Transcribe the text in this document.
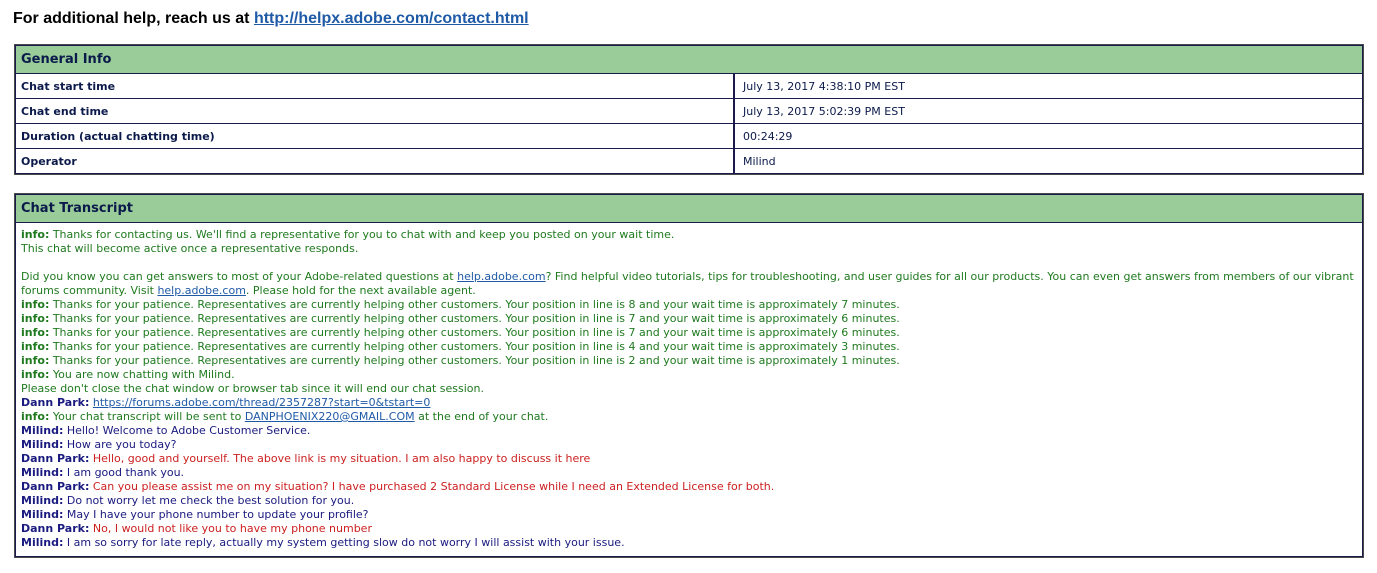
For additional help, reach us at http://helpx.adobe.com/contact.html
General Info
Chat start time	July 13, 2017 4:38:10 PM EST
Chat end time	July 13, 2017 5:02:39 PM EST
Duration (actual chatting time)	00:24:29
Operator	Milind
Chat Transcript
info: Thanks for contacting us. We'll find a representative for you to chat with and keep you posted on your wait time.
This chat will become active once a representative responds.

Did you know you can get answers to most of your Adobe-related questions at help.adobe.com? Find helpful video tutorials, tips for troubleshooting, and user guides for all our products. You can even get answers from members of our vibrant forums community. Visit help.adobe.com. Please hold for the next available agent.
info: Thanks for your patience. Representatives are currently helping other customers. Your position in line is 8 and your wait time is approximately 7 minutes.
info: Thanks for your patience. Representatives are currently helping other customers. Your position in line is 7 and your wait time is approximately 6 minutes.
info: Thanks for your patience. Representatives are currently helping other customers. Your position in line is 7 and your wait time is approximately 6 minutes.
info: Thanks for your patience. Representatives are currently helping other customers. Your position in line is 4 and your wait time is approximately 3 minutes.
info: Thanks for your patience. Representatives are currently helping other customers. Your position in line is 2 and your wait time is approximately 1 minutes.
info: You are now chatting with Milind.
Please don't close the chat window or browser tab since it will end our chat session.
Dann Park: https://forums.adobe.com/thread/2357287?start=0&tstart=0
info: Your chat transcript will be sent to DANPHOENIX220@GMAIL.COM at the end of your chat.
Milind: Hello! Welcome to Adobe Customer Service.
Milind: How are you today?
Dann Park: Hello, good and yourself. The above link is my situation. I am also happy to discuss it here
Milind: I am good thank you.
Dann Park: Can you please assist me on my situation? I have purchased 2 Standard License while I need an Extended License for both.
Milind: Do not worry let me check the best solution for you.
Milind: May I have your phone number to update your profile?
Dann Park: No, I would not like you to have my phone number
Milind: I am so sorry for late reply, actually my system getting slow do not worry I will assist with your issue.
